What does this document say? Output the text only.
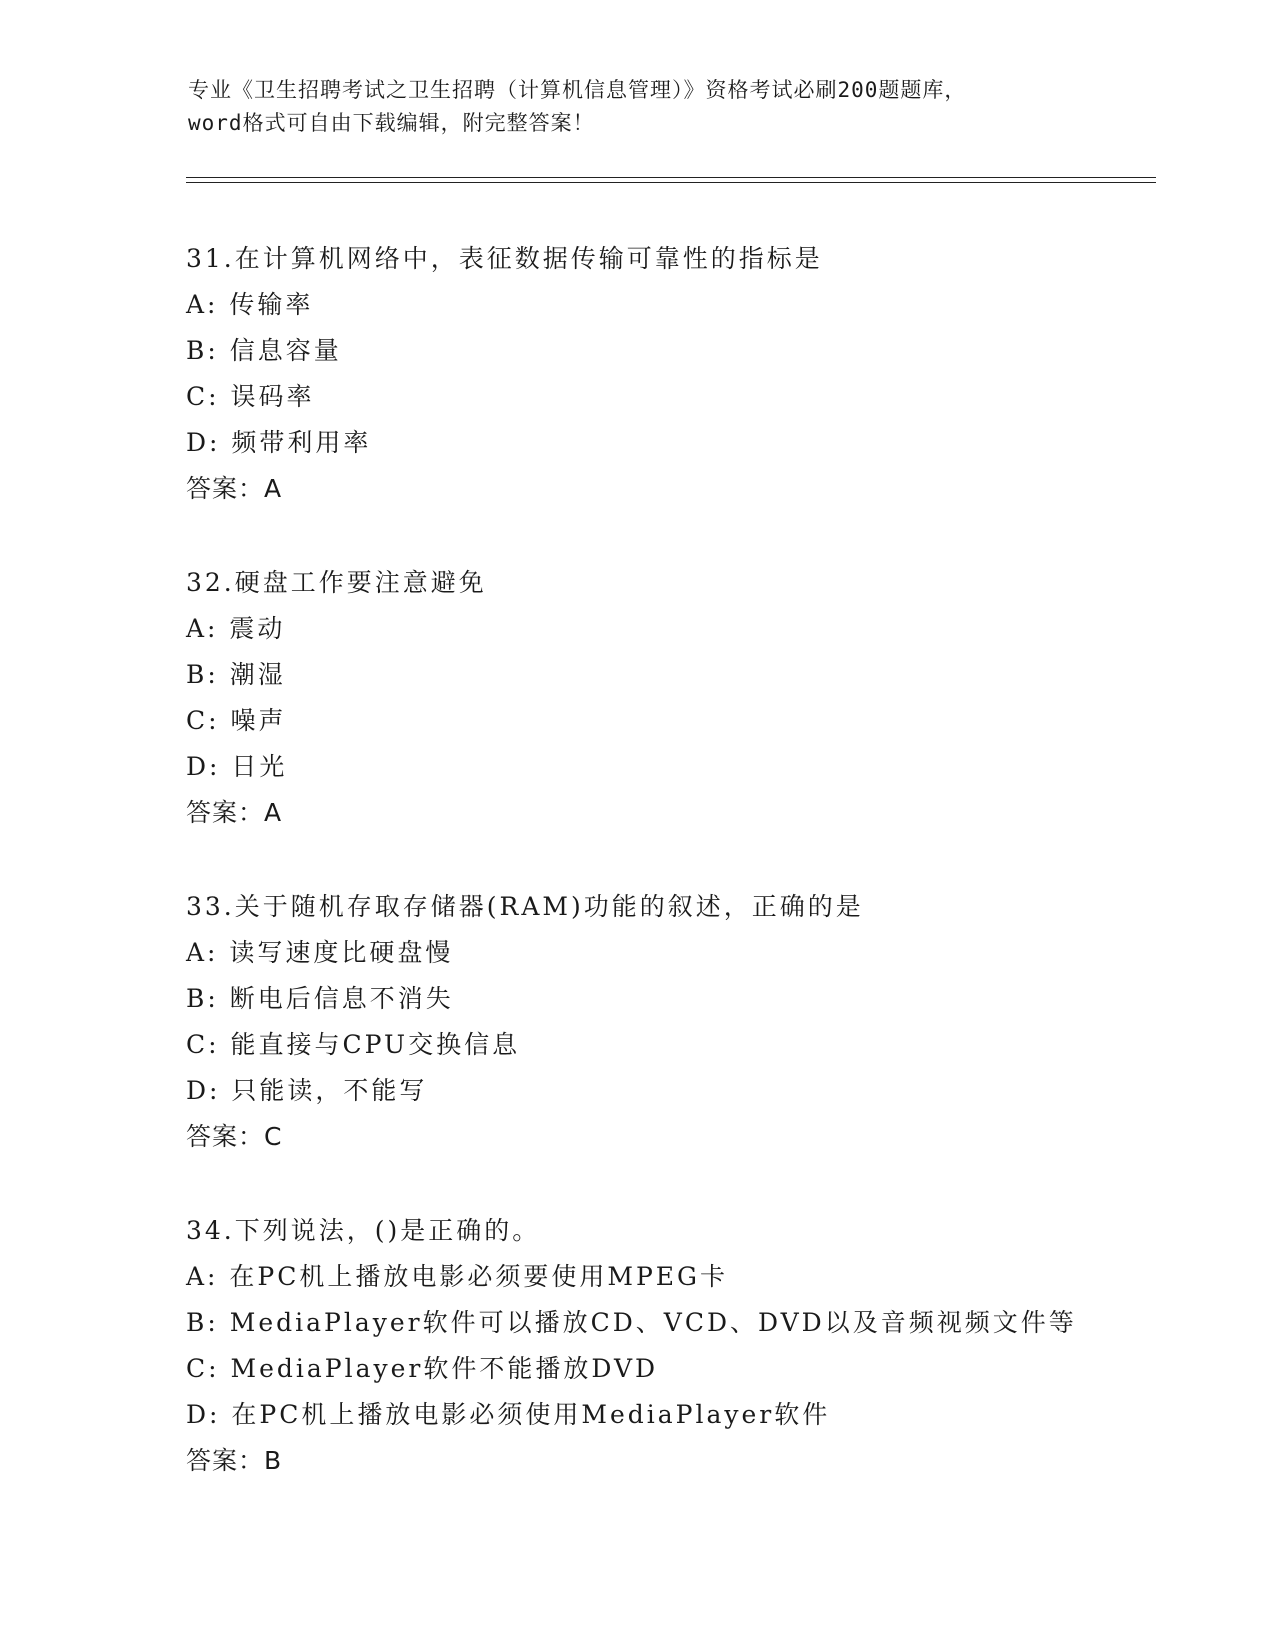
专业《卫生招聘考试之卫生招聘（计算机信息管理）》资格考试必刷200题题库，
word格式可自由下载编辑，附完整答案！
31.在计算机网络中，表征数据传输可靠性的指标是
A: 传输率
B: 信息容量
C: 误码率
D: 频带利用率
答案：A
32.硬盘工作要注意避免
A: 震动
B: 潮湿
C: 噪声
D: 日光
答案：A
33.关于随机存取存储器(RAM)功能的叙述，正确的是
A: 读写速度比硬盘慢
B: 断电后信息不消失
C: 能直接与CPU交换信息
D: 只能读，不能写
答案：C
34.下列说法，()是正确的。
A: 在PC机上播放电影必须要使用MPEG卡
B: MediaPlayer软件可以播放CD、VCD、DVD以及音频视频文件等
C: MediaPlayer软件不能播放DVD
D: 在PC机上播放电影必须使用MediaPlayer软件
答案：B
